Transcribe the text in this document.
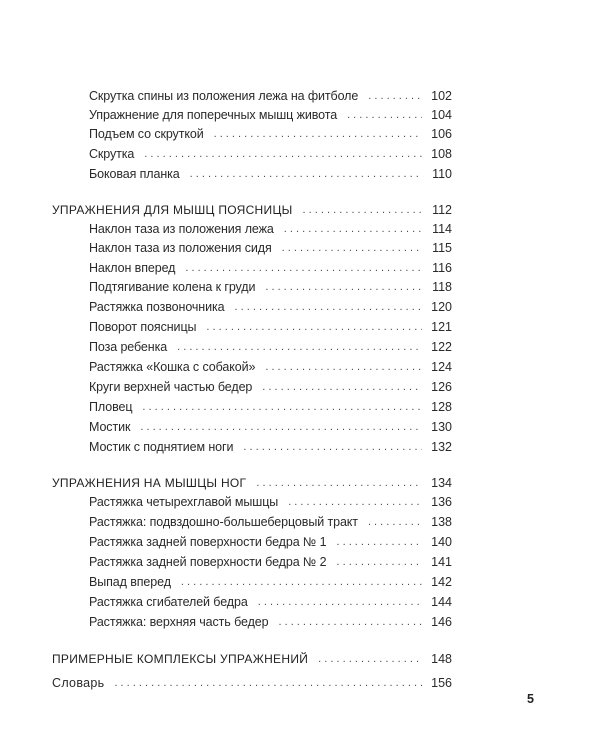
Скрутка спины из положения лежа на фитболе . . .	102
Упражнение для поперечных мышц живота . . .	104
Подъем со скруткой . . .	106
Скрутка . . .	108
Боковая планка . . .	110
УПРАЖНЕНИЯ ДЛЯ МЫШЦ ПОЯСНИЦЫ . . .	112
Наклон таза из положения лежа . . .	114
Наклон таза из положения сидя . . .	115
Наклон вперед . . .	116
Подтягивание колена к груди . . .	118
Растяжка позвоночника . . .	120
Поворот поясницы . . .	121
Поза ребенка . . .	122
Растяжка «Кошка с собакой» . . .	124
Круги верхней частью бедер . . .	126
Пловец . . .	128
Мостик . . .	130
Мостик с поднятием ноги . . .	132
УПРАЖНЕНИЯ НА МЫШЦЫ НОГ . . .	134
Растяжка четырехглавой мышцы . . .	136
Растяжка: подвздошно-большеберцовый тракт . . .	138
Растяжка задней поверхности бедра № 1 . . .	140
Растяжка задней поверхности бедра № 2 . . .	141
Выпад вперед . . .	142
Растяжка сгибателей бедра . . .	144
Растяжка: верхняя часть бедер . . .	146
ПРИМЕРНЫЕ КОМПЛЕКСЫ УПРАЖНЕНИЙ . . .	148
Словарь . . .	156
5
